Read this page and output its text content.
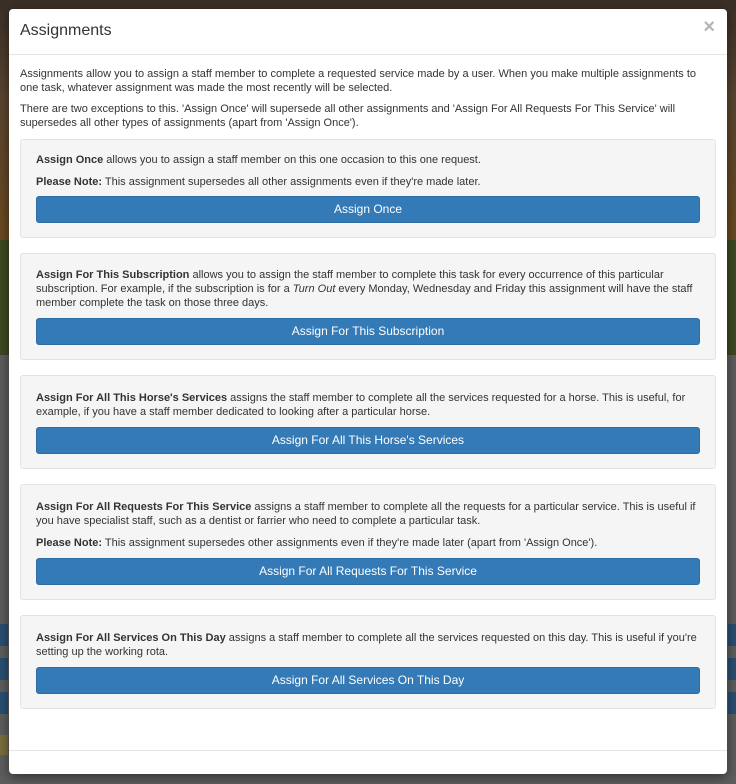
Assignments	×

Assignments allow you to assign a staff member to complete a requested service made by a user. When you make multiple assignments to one task, whatever assignment was made the most recently will be selected.

There are two exceptions to this. 'Assign Once' will supersede all other assignments and 'Assign For All Requests For This Service' will supersedes all other types of assignments (apart from 'Assign Once').

Assign Once allows you to assign a staff member on this one occasion to this one request.

Please Note: This assignment supersedes all other assignments even if they're made later.

Assign Once

Assign For This Subscription allows you to assign the staff member to complete this task for every occurrence of this particular subscription. For example, if the subscription is for a Turn Out every Monday, Wednesday and Friday this assignment will have the staff member complete the task on those three days.

Assign For This Subscription

Assign For All This Horse's Services assigns the staff member to complete all the services requested for a horse. This is useful, for example, if you have a staff member dedicated to looking after a particular horse.

Assign For All This Horse's Services

Assign For All Requests For This Service assigns a staff member to complete all the requests for a particular service. This is useful if you have specialist staff, such as a dentist or farrier who need to complete a particular task.

Please Note: This assignment supersedes other assignments even if they're made later (apart from 'Assign Once').

Assign For All Requests For This Service

Assign For All Services On This Day assigns a staff member to complete all the services requested on this day. This is useful if you're setting up the working rota.

Assign For All Services On This Day
